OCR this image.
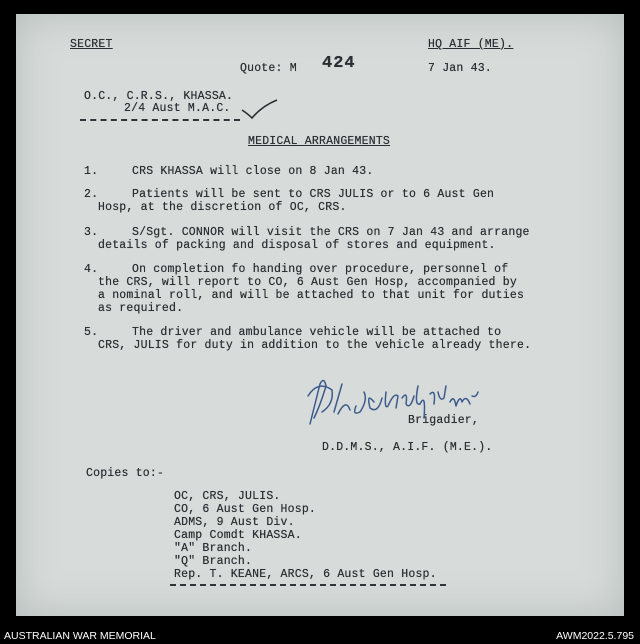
SECRET	HQ AIF (ME).
Quote: M 424	7 Jan 43.
O.C., C.R.S., KHASSA.
2/4 Aust M.A.C.
MEDICAL ARRANGEMENTS
1.	CRS KHASSA will close on 8 Jan 43.
2.	Patients will be sent to CRS JULIS or to 6 Aust Gen
Hosp, at the discretion of OC, CRS.
3.	S/Sgt. CONNOR will visit the CRS on 7 Jan 43 and arrange
details of packing and disposal of stores and equipment.
4.	On completion fo handing over procedure, personnel of
the CRS, will report to CO, 6 Aust Gen Hosp, accompanied by
a nominal roll, and will be attached to that unit for duties
as required.
5.	The driver and ambulance vehicle will be attached to
CRS, JULIS for duty in addition to the vehicle already there.
Brigadier,
D.D.M.S., A.I.F. (M.E.).
Copies to:-
OC, CRS, JULIS.
CO, 6 Aust Gen Hosp.
ADMS, 9 Aust Div.
Camp Comdt KHASSA.
"A" Branch.
"Q" Branch.
Rep. T. KEANE, ARCS, 6 Aust Gen Hosp.
AUSTRALIAN WAR MEMORIAL	AWM2022.5.795
